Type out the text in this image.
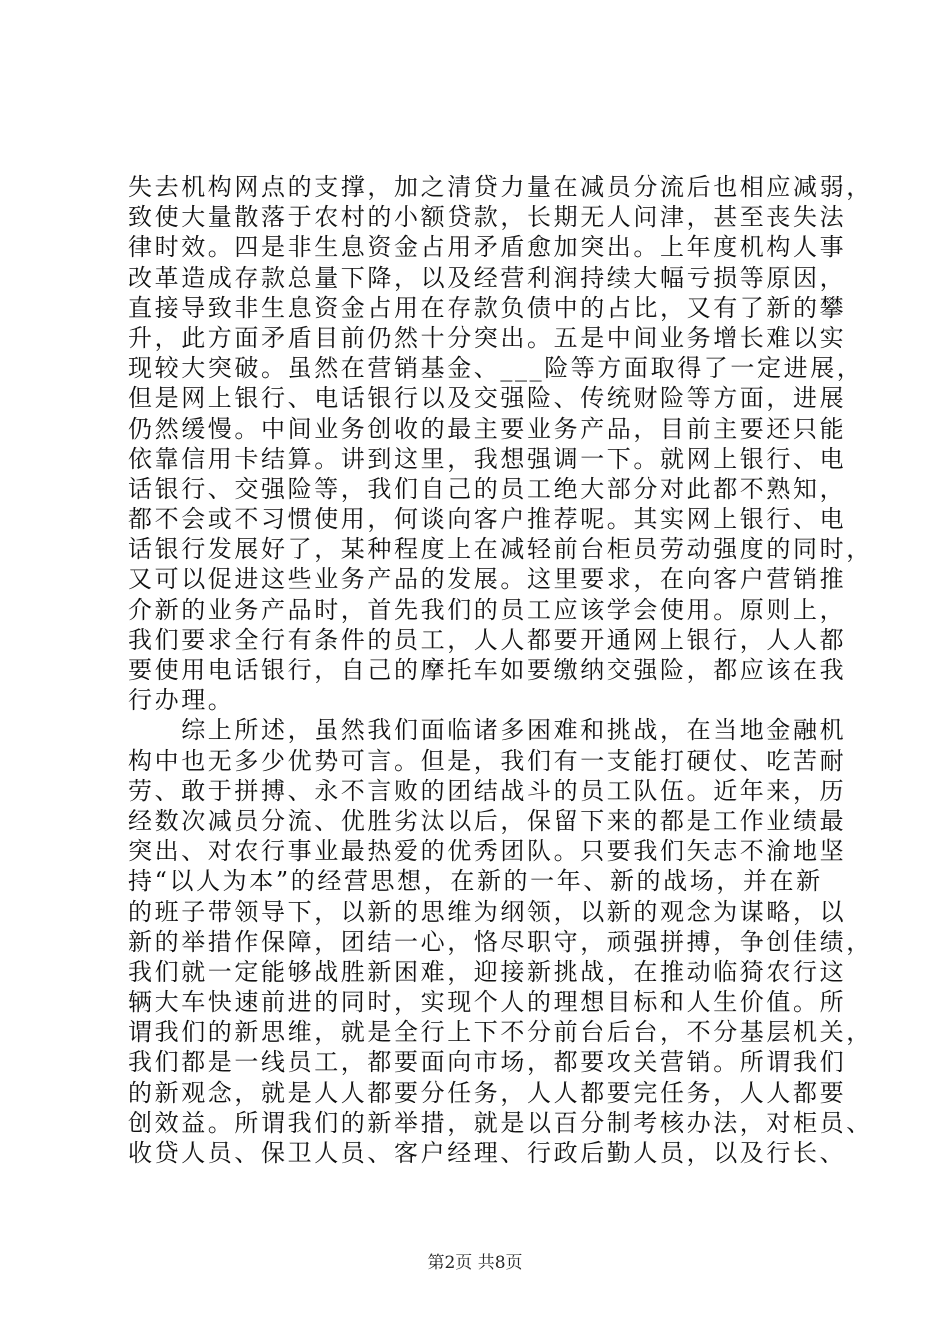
失去机构网点的支撑，加之清贷力量在减员分流后也相应减弱，
致使大量散落于农村的小额贷款，长期无人问津，甚至丧失法
律时效。四是非生息资金占用矛盾愈加突出。上年度机构人事
改革造成存款总量下降，以及经营利润持续大幅亏损等原因，
直接导致非生息资金占用在存款负债中的占比，又有了新的攀
升，此方面矛盾目前仍然十分突出。五是中间业务增长难以实
现较大突破。虽然在营销基金、___险等方面取得了一定进展，
但是网上银行、电话银行以及交强险、传统财险等方面，进展
仍然缓慢。中间业务创收的最主要业务产品，目前主要还只能
依靠信用卡结算。讲到这里，我想强调一下。就网上银行、电
话银行、交强险等，我们自己的员工绝大部分对此都不熟知，
都不会或不习惯使用，何谈向客户推荐呢。其实网上银行、电
话银行发展好了，某种程度上在减轻前台柜员劳动强度的同时，
又可以促进这些业务产品的发展。这里要求，在向客户营销推
介新的业务产品时，首先我们的员工应该学会使用。原则上，
我们要求全行有条件的员工，人人都要开通网上银行，人人都
要使用电话银行，自己的摩托车如要缴纳交强险，都应该在我
行办理。
　　综上所述，虽然我们面临诸多困难和挑战，在当地金融机
构中也无多少优势可言。但是，我们有一支能打硬仗、吃苦耐
劳、敢于拼搏、永不言败的团结战斗的员工队伍。近年来，历
经数次减员分流、优胜劣汰以后，保留下来的都是工作业绩最
突出、对农行事业最热爱的优秀团队。只要我们矢志不渝地坚
持“以人为本”的经营思想，在新的一年、新的战场，并在新
的班子带领导下，以新的思维为纲领，以新的观念为谋略，以
新的举措作保障，团结一心，恪尽职守，顽强拼搏，争创佳绩，
我们就一定能够战胜新困难，迎接新挑战，在推动临猗农行这
辆大车快速前进的同时，实现个人的理想目标和人生价值。所
谓我们的新思维，就是全行上下不分前台后台，不分基层机关，
我们都是一线员工，都要面向市场，都要攻关营销。所谓我们
的新观念，就是人人都要分任务，人人都要完任务，人人都要
创效益。所谓我们的新举措，就是以百分制考核办法，对柜员、
收贷人员、保卫人员、客户经理、行政后勤人员，以及行长、
第2页 共8页
